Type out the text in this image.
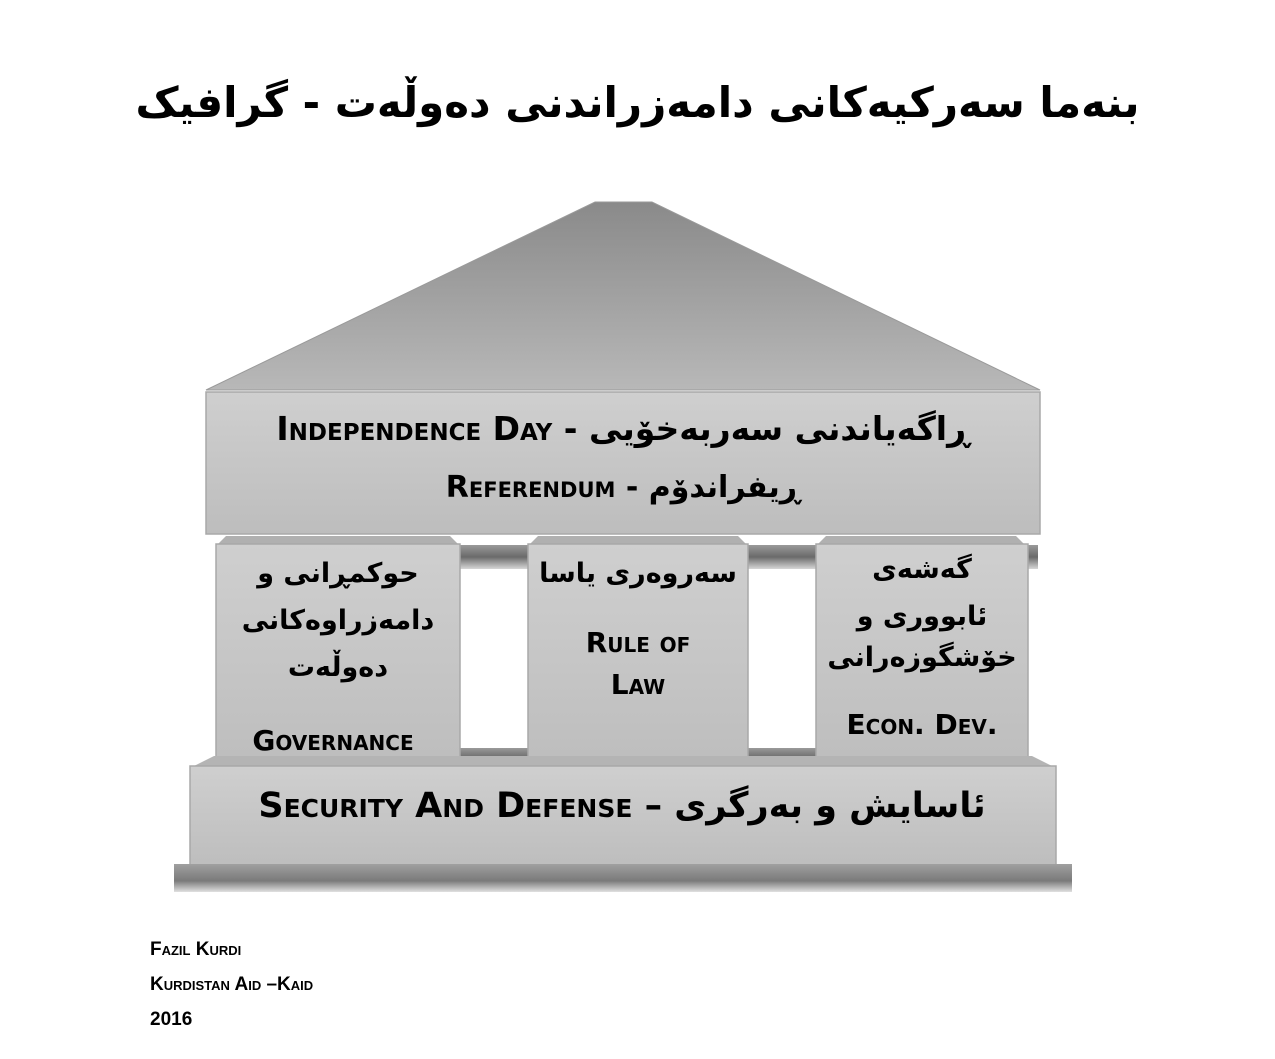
بنەما سەرکیەکانی دامەزراندنی دەوڵەت - گرافیک
Independence Day - ڕاگەیاندنی سەربەخۆیی
Referendum - ڕیفراندۆم
حوکمڕانی و
دامەزراوەکانی
دەوڵەت
Governance
سەروەری یاسا
Rule of
Law
گەشەی
ئابووری و
خۆشگوزەرانی
Econ. Dev.
ئاسایش و بەرگری – Security And Defense
Fazil Kurdi
Kurdistan Aid –Kaid
2016
